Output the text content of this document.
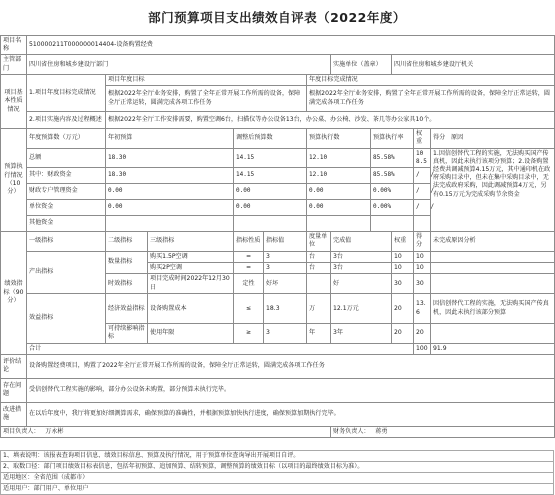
部门预算项目支出绩效自评表（2022年度）
项目名称	510000211T000000014404-设备购置经费											
主管部门	四川省住房和城乡建设厅部门						实施单位（盖章）		四川省住房和城乡建设厅机关			
项目基本性质情况	1.项目年度目标完成情况	项目年度目标				年度目标完成情况						
		根据2022年全厅业务安排，购置了全年正常开展工作所需的设备，保障全厅正常运转，圆满完成各项工作任务				根据2022年全厅业务安排，购置了全年正常开展工作所需的设备，保障全厅正常运转，圆满完成各项工作任务						
	2.项目实施内容及过程概述	根据2022年全厅工作安排需要，购置空调6台，扫描仪等办公设备13台，办公桌、办公椅、沙发、茶几等办公家具10个。										

预算执行情况（10分）	年度预算数（万元）	年初预算		调整后预算数		预算执行数		预算执行率		权重	得分 原因	
	总额	18.30		14.15		12.10		85.58%		10 8.5	1.因信创替代工程的实施，无法购买国产传真机，因此未执行该项分预算；2.设备购置经费共调减预算4.15万元，其中通印机在政府采购目录中，但未在集中采购目录中，无法完成政府采购，因此调减预算4万元，另有0.15万元为完成采购节余资金	
	其中：财政资金	18.30		14.15		12.10		85.58%		/ /		
	财政专户管理资金	0.00		0.00		0.00		0.00%		/ /		
	单位资金	0.00		0.00		0.00		0.00%		/ /		
	其他资金											
绩效指标（90分）	一级指标	二级指标	三级指标	指标性质	指标值	度量单位	完成值		权重	得分	未完成原因分析	
	产出指标	数量指标	购买1.5P空调	=	3	台	3台		10	10		
			购买2P空调	=	3	台	3台		10	10		
		时效指标	项目完成时间2022年12月30日	定性	好坏		好		30	30		
	效益指标	经济效益指标	设备购置成本	≤	18.3	万	12.1万元		20	13.6	因信创替代工程的实施，无法购买国产传真机，因此未执行该部分预算	
		可持续影响指标	使用年限	≥	3	年	3年		20	20		
	合计									100	91.9	
评价结论	设备购置经费项目，购置了2022年全厅正常开展工作所需的设备，保障全厅正常运转，圆满完成各项工作任务											
存在问题	受信创替代工程实施的影响，部分办公设备未购置，部分预算未执行完毕。											
改进措施	在以后年度中，我厅将更加好细测算需求，确保预算的准确性，并根据预算加快执行进度，确保预算加期执行完毕。											
项目负责人： 万永彬							财务负责人： 蒋勇					

1、填表说明：该报表查询项目信息、绩效目标信息、预算及执行情况，用于预算单位查询导出开展项目自评。
2、取数口径：部门项目绩效目标表信息，包括年初预算、追加预算、结转预算，调整预算的绩效目标（以项目的最终绩效目标为准）。
适用地区：全省范围（成都市）
适用用户：部门用户、单位用户
